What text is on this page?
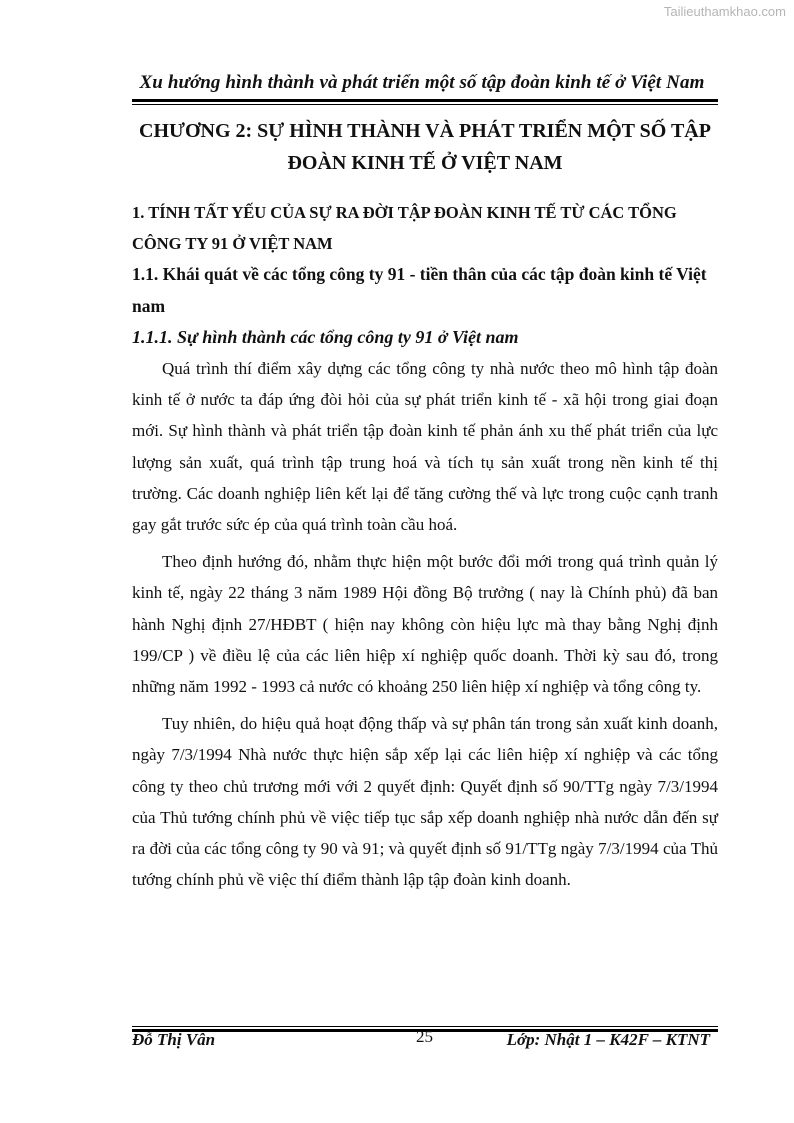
Tailieuthamkhao.com
Xu hướng hình thành và phát triển một số tập đoàn kinh tế ở Việt Nam
CHƯƠNG 2: SỰ HÌNH THÀNH VÀ PHÁT TRIỂN MỘT SỐ TẬP
ĐOÀN KINH TẾ Ở VIỆT NAM

1. TÍNH TẤT YẾU CỦA SỰ RA ĐỜI TẬP ĐOÀN KINH TẾ TỪ CÁC TỔNG CÔNG TY 91 Ở VIỆT NAM

1.1. Khái quát về các tổng công ty 91 - tiền thân của các tập đoàn kinh tế Việt nam

1.1.1. Sự hình thành các tổng công ty 91 ở Việt nam

Quá trình thí điểm xây dựng các tổng công ty nhà nước theo mô hình tập đoàn kinh tế ở nước ta đáp ứng đòi hỏi của sự phát triển kinh tế - xã hội trong giai đoạn mới. Sự hình thành và phát triển tập đoàn kinh tế phản ánh xu thế phát triển của lực lượng sản xuất, quá trình tập trung hoá và tích tụ sản xuất trong nền kinh tế thị trường. Các doanh nghiệp liên kết lại để tăng cường thế và lực trong cuộc cạnh tranh gay gắt trước sức ép của quá trình toàn cầu hoá.

Theo định hướng đó, nhằm thực hiện một bước đổi mới trong quá trình quản lý kinh tế, ngày 22 tháng 3 năm 1989 Hội đồng Bộ trưởng ( nay là Chính phủ) đã ban hành Nghị định 27/HĐBT ( hiện nay không còn hiệu lực mà thay bằng Nghị định 199/CP ) về điều lệ của các liên hiệp xí nghiệp quốc doanh. Thời kỳ sau đó, trong những năm 1992 - 1993 cả nước có khoảng 250 liên hiệp xí nghiệp và tổng công ty.

Tuy nhiên, do hiệu quả hoạt động thấp và sự phân tán trong sản xuất kinh doanh, ngày 7/3/1994 Nhà nước thực hiện sắp xếp lại các liên hiệp xí nghiệp và các tổng công ty theo chủ trương mới với 2 quyết định: Quyết định số 90/TTg ngày 7/3/1994 của Thủ tướng chính phủ về việc tiếp tục sắp xếp doanh nghiệp nhà nước dẫn đến sự ra đời của các tổng công ty 90 và 91; và quyết định số 91/TTg ngày 7/3/1994 của Thủ tướng chính phủ về việc thí điểm thành lập tập đoàn kinh doanh.

Đỗ Thị Vân	25	Lớp: Nhật 1 – K42F – KTNT
